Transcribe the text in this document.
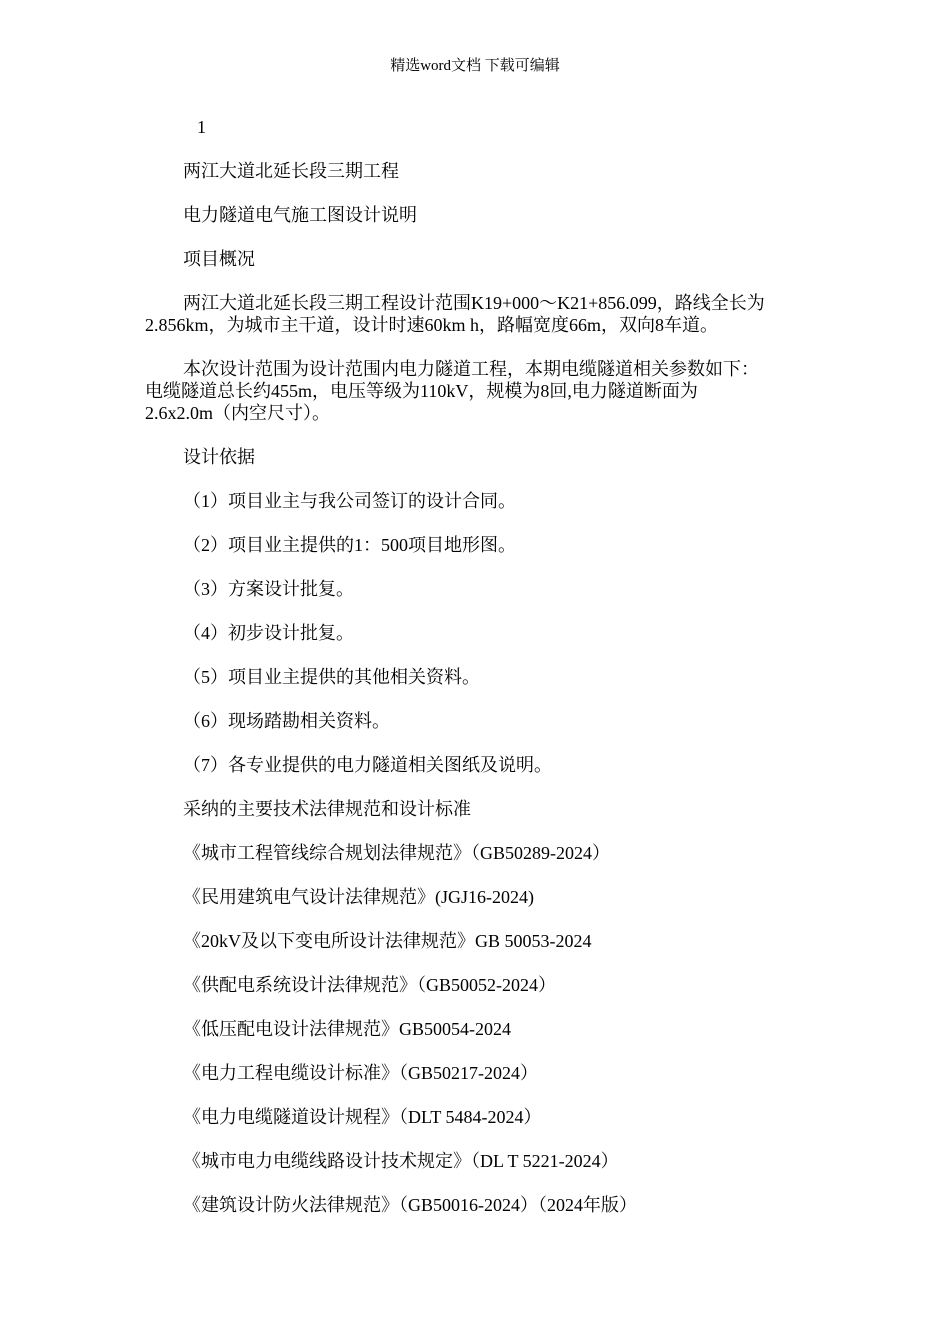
精选word文档 下载可编辑
1
两江大道北延长段三期工程
电力隧道电气施工图设计说明
项目概况
两江大道北延长段三期工程设计范围K19+000～K21+856.099，路线全长为
2.856km，为城市主干道，设计时速60km h，路幅宽度66m，双向8车道。
本次设计范围为设计范围内电力隧道工程，本期电缆隧道相关参数如下：
电缆隧道总长约455m，电压等级为110kV，规模为8回,电力隧道断面为
2.6x2.0m（内空尺寸）。
设计依据
（1）项目业主与我公司签订的设计合同。
（2）项目业主提供的1：500项目地形图。
（3）方案设计批复。
（4）初步设计批复。
（5）项目业主提供的其他相关资料。
（6）现场踏勘相关资料。
（7）各专业提供的电力隧道相关图纸及说明。
采纳的主要技术法律规范和设计标准
《城市工程管线综合规划法律规范》（GB50289-2024）
《民用建筑电气设计法律规范》(JGJ16-2024)
《20kV及以下变电所设计法律规范》GB 50053-2024
《供配电系统设计法律规范》（GB50052-2024）
《低压配电设计法律规范》GB50054-2024
《电力工程电缆设计标准》（GB50217-2024）
《电力电缆隧道设计规程》（DLT 5484-2024）
《城市电力电缆线路设计技术规定》（DL T 5221-2024）
《建筑设计防火法律规范》（GB50016-2024）（2024年版）
